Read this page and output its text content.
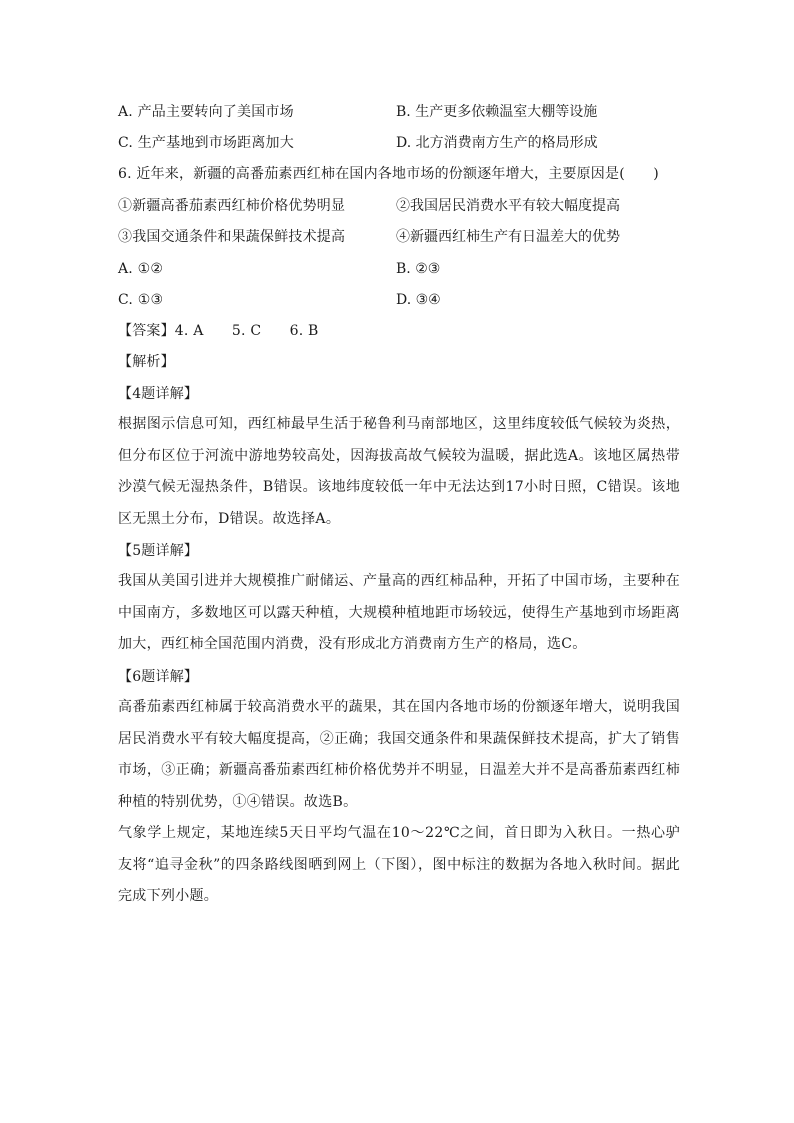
A. 产品主要转向了美国市场	B. 生产更多依赖温室大棚等设施
C. 生产基地到市场距离加大	D. 北方消费南方生产的格局形成
6. 近年来，新疆的高番茄素西红柿在国内各地市场的份额逐年增大，主要原因是(　　)
①新疆高番茄素西红柿价格优势明显	②我国居民消费水平有较大幅度提高
③我国交通条件和果蔬保鲜技术提高	④新疆西红柿生产有日温差大的优势
A. ①②	B. ②③
C. ①③	D. ③④
【答案】4. A　　5. C　　6. B
【解析】
【4题详解】
根据图示信息可知，西红柿最早生活于秘鲁利马南部地区，这里纬度较低气候较为炎热，但分布区位于河流中游地势较高处，因海拔高故气候较为温暖，据此选A。该地区属热带沙漠气候无湿热条件，B错误。该地纬度较低一年中无法达到17小时日照，C错误。该地区无黑土分布，D错误。故选择A。
【5题详解】
我国从美国引进并大规模推广耐储运、产量高的西红柿品种，开拓了中国市场，主要种在中国南方，多数地区可以露天种植，大规模种植地距市场较远，使得生产基地到市场距离加大，西红柿全国范围内消费，没有形成北方消费南方生产的格局，选C。
【6题详解】
高番茄素西红柿属于较高消费水平的蔬果，其在国内各地市场的份额逐年增大，说明我国居民消费水平有较大幅度提高，②正确；我国交通条件和果蔬保鲜技术提高，扩大了销售市场，③正确；新疆高番茄素西红柿价格优势并不明显，日温差大并不是高番茄素西红柿种植的特别优势，①④错误。故选B。
气象学上规定，某地连续5天日平均气温在10～22℃之间，首日即为入秋日。一热心驴友将“追寻金秋”的四条路线图晒到网上（下图），图中标注的数据为各地入秋时间。据此完成下列小题。
